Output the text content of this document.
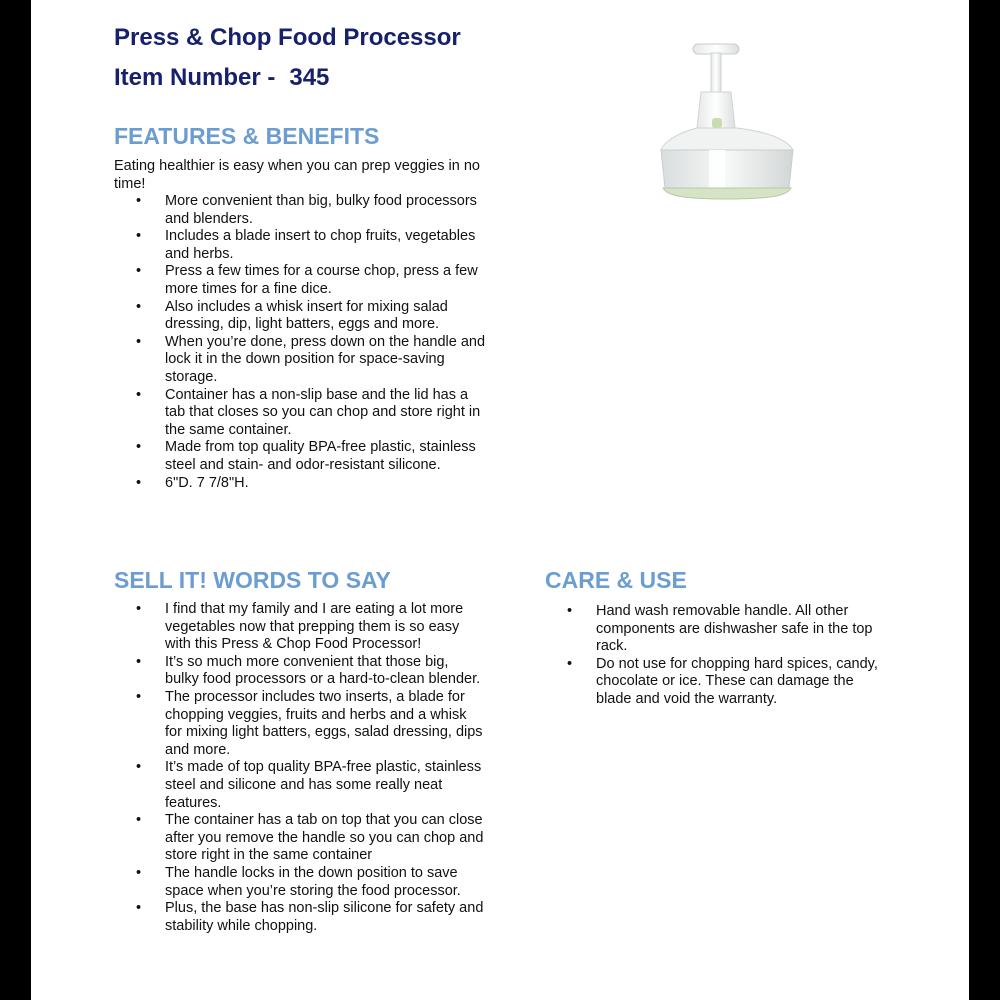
Press & Chop Food Processor
Item Number - 345
FEATURES & BENEFITS

Eating healthier is easy when you can prep veggies in no time!

• More convenient than big, bulky food processors and blenders.
• Includes a blade insert to chop fruits, vegetables and herbs.
• Press a few times for a course chop, press a few more times for a fine dice.
• Also includes a whisk insert for mixing salad dressing, dip, light batters, eggs and more.
• When you’re done, press down on the handle and lock it in the down position for space-saving storage.
• Container has a non-slip base and the lid has a tab that closes so you can chop and store right in the same container.
• Made from top quality BPA-free plastic, stainless steel and stain- and odor-resistant silicone.
• 6"D. 7 7/8"H.
SELL IT! WORDS TO SAY
• I find that my family and I are eating a lot more vegetables now that prepping them is so easy with this Press & Chop Food Processor!
• It’s so much more convenient that those big, bulky food processors or a hard-to-clean blender.
• The processor includes two inserts, a blade for chopping veggies, fruits and herbs and a whisk for mixing light batters, eggs, salad dressing, dips and more.
• It’s made of top quality BPA-free plastic, stainless steel and silicone and has some really neat features.
• The container has a tab on top that you can close after you remove the handle so you can chop and store right in the same container
• The handle locks in the down position to save space when you’re storing the food processor.
• Plus, the base has non-slip silicone for safety and stability while chopping.
CARE & USE
• Hand wash removable handle. All other components are dishwasher safe in the top rack.
• Do not use for chopping hard spices, candy, chocolate or ice. These can damage the blade and void the warranty.
